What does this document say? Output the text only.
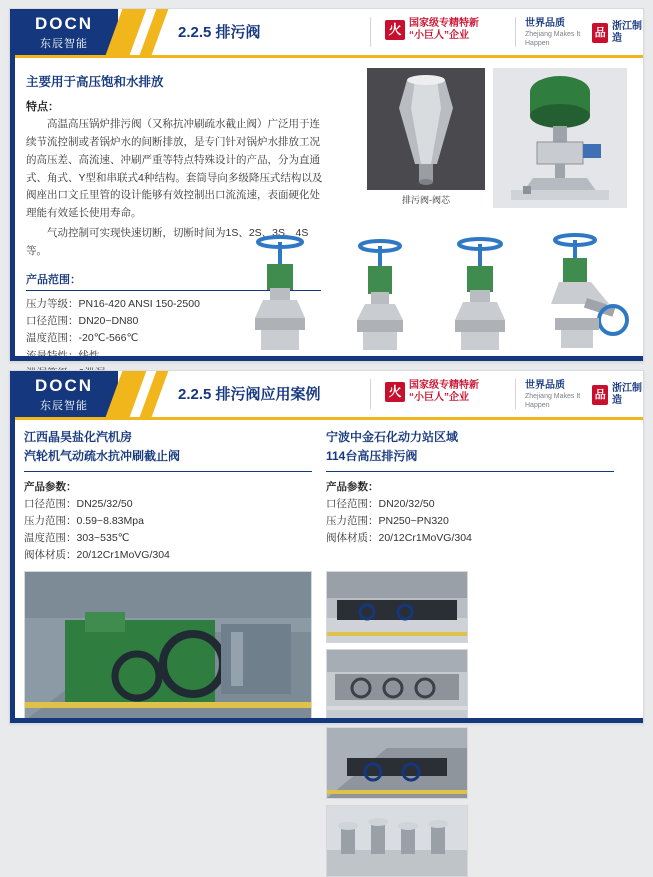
DOCN
东辰智能
2.2.5 排污阀	火 国家级专精特新
“小巨人”企业
世界品质
Zhejiang Makes It Happen
品
浙江制造
主要用于高压饱和水排放
特点：
高温高压锅炉排污阀（又称抗冲刷疏水截止阀）广泛用于连续节流控制或者锅炉水的间断排放，是专门针对锅炉水排放工况的高压差、高流速、冲刷严重等特点特殊设计的产品，分为直通式、角式、Y型和串联式4种结构。套筒导向多级降压式结构以及阀座出口文丘里管的设计能够有效控制出口流流速，表面硬化处理能有效延长使用寿命。
气动控制可实现快速切断，切断时间为1S、2S、3S、4S等。
产品范围：
压力等级：PN16-420 ANSI 150-2500
口径范围：DN20~DN80
温度范围：-20℃-566℃
排污阀-阀芯
DOCN
东辰智能
2.2.5 排污阀应用案例	火 国家级专精特新
“小巨人”企业
世界品质
Zhejiang Makes It Happen
品
浙江制造
江西晶昊盐化汽机房
汽轮机气动疏水抗冲刷截止阀
产品参数：
口径范围：DN25/32/50
压力范围：0.59~8.83Mpa
温度范围：303~535℃
阀体材质：20/12Cr1MoVG/304
宁波中金石化动力站区域
114台高压排污阀
产品参数：
口径范围：DN20/32/50
压力范围：PN250~PN320
阀体材质：20/12Cr1MoVG/304
